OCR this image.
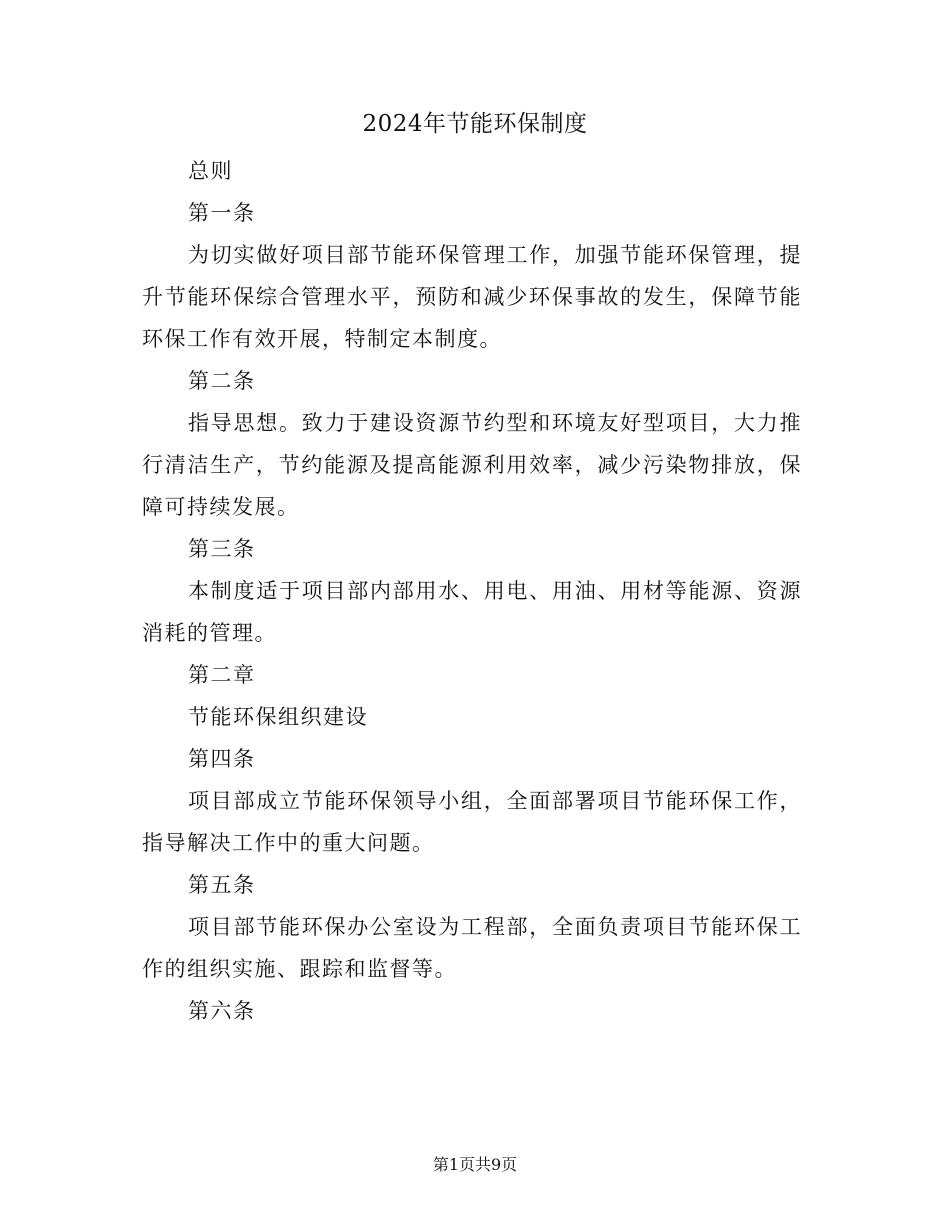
2024年节能环保制度

总则

第一条

为切实做好项目部节能环保管理工作，加强节能环保管理，提升节能环保综合管理水平，预防和减少环保事故的发生，保障节能环保工作有效开展，特制定本制度。

第二条

指导思想。致力于建设资源节约型和环境友好型项目，大力推行清洁生产，节约能源及提高能源利用效率，减少污染物排放，保障可持续发展。

第三条

本制度适于项目部内部用水、用电、用油、用材等能源、资源消耗的管理。

第二章

节能环保组织建设

第四条

项目部成立节能环保领导小组，全面部署项目节能环保工作，指导解决工作中的重大问题。

第五条

项目部节能环保办公室设为工程部，全面负责项目节能环保工作的组织实施、跟踪和监督等。

第六条

第1页共9页
